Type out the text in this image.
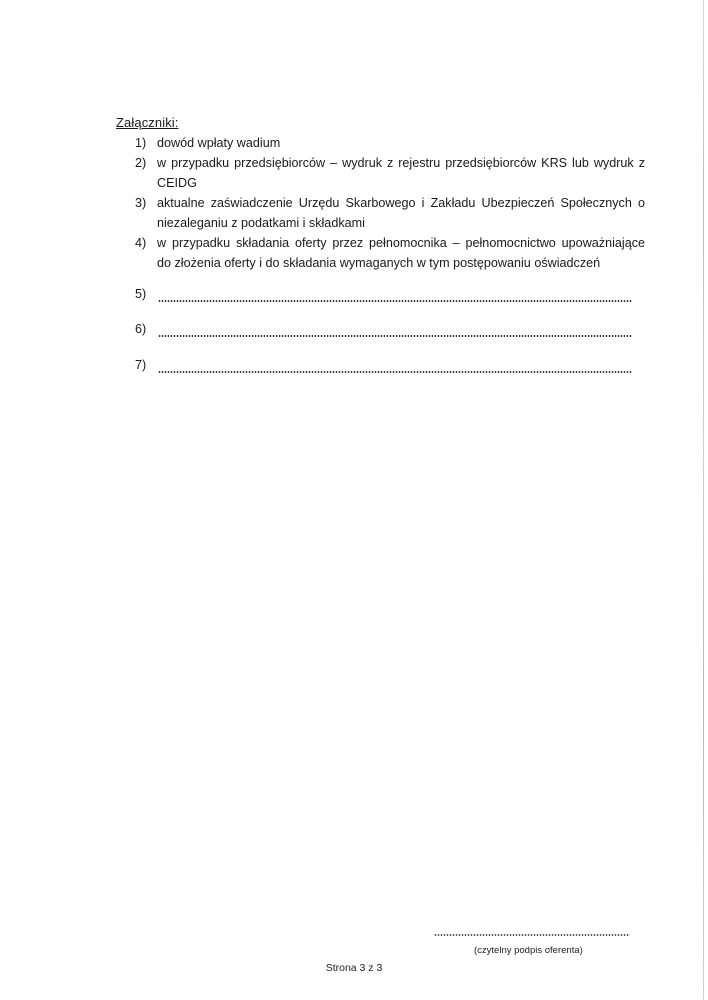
Załączniki:
1) dowód wpłaty wadium
2) w przypadku przedsiębiorców – wydruk z rejestru przedsiębiorców KRS lub wydruk z
CEIDG
3) aktualne zaświadczenie Urzędu Skarbowego i Zakładu Ubezpieczeń Społecznych o
niezaleganiu z podatkami i składkami
4) w przypadku składania oferty przez pełnomocnika – pełnomocnictwo upoważniające
do złożenia oferty i do składania wymaganych w tym postępowaniu oświadczeń
5)
6)
7)
(czytelny podpis oferenta)
Strona 3 z 3
